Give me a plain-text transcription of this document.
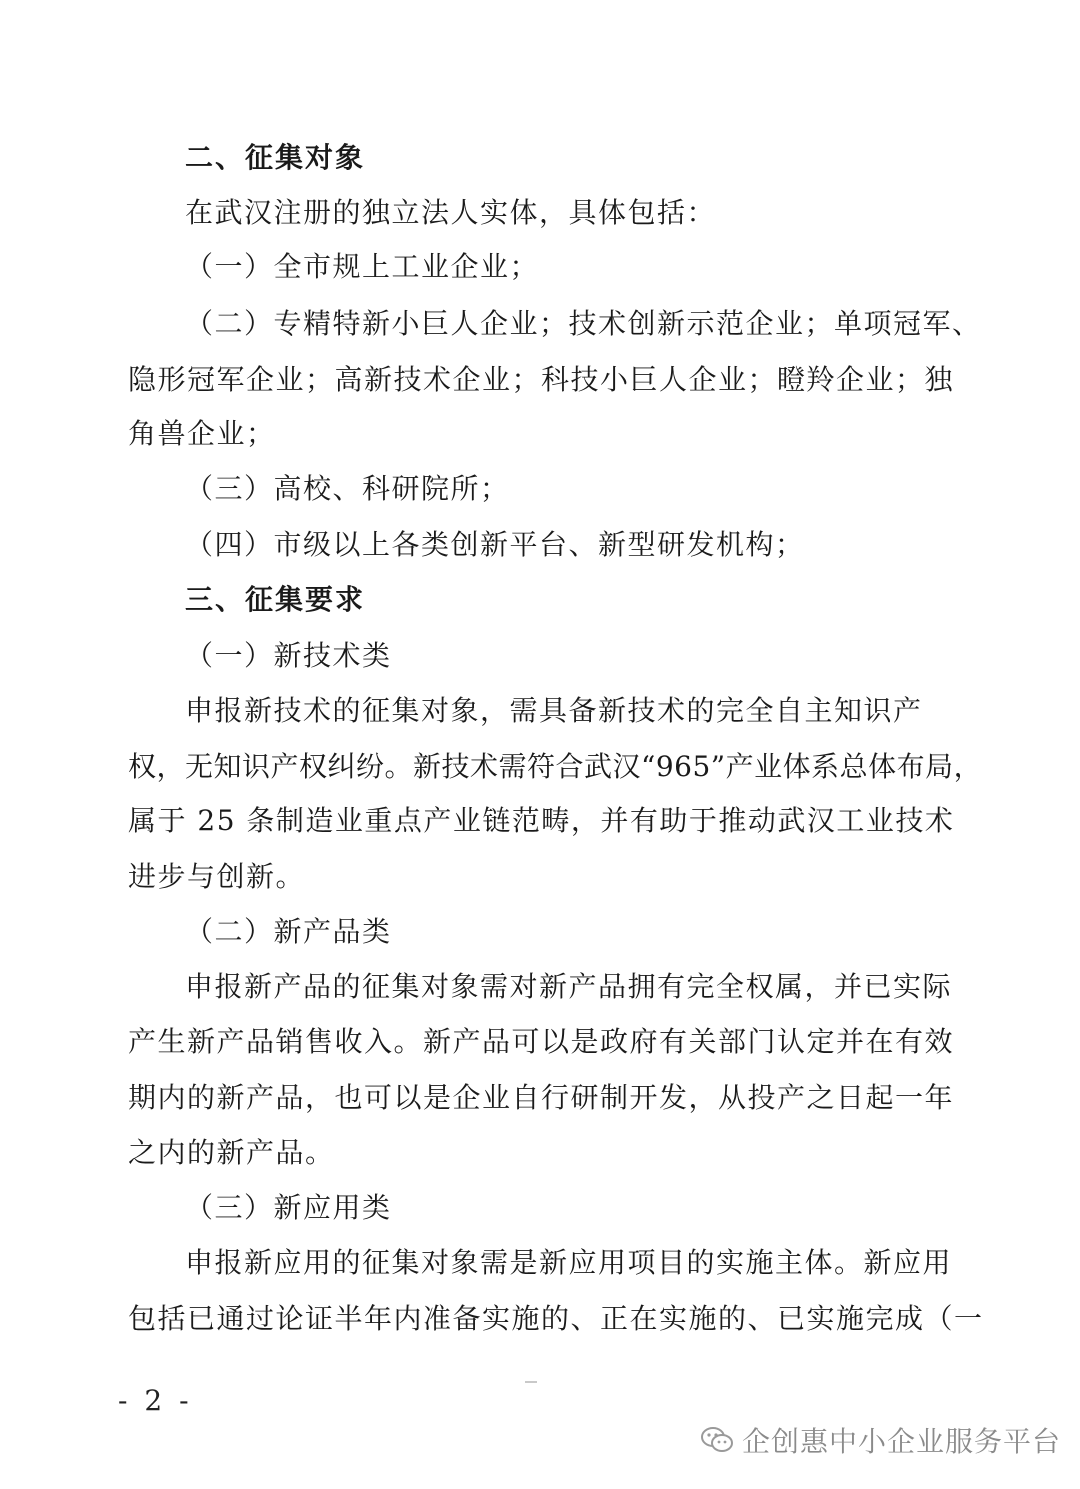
二、征集对象
在武汉注册的独立法人实体，具体包括：
（一）全市规上工业企业；
（二）专精特新小巨人企业；技术创新示范企业；单项冠军、
隐形冠军企业；高新技术企业；科技小巨人企业；瞪羚企业；独
角兽企业；
（三）高校、科研院所；
（四）市级以上各类创新平台、新型研发机构；
三、征集要求
（一）新技术类
申报新技术的征集对象，需具备新技术的完全自主知识产
权，无知识产权纠纷。新技术需符合武汉“965”产业体系总体布局，
属于 25 条制造业重点产业链范畴，并有助于推动武汉工业技术
进步与创新。
（二）新产品类
申报新产品的征集对象需对新产品拥有完全权属，并已实际
产生新产品销售收入。新产品可以是政府有关部门认定并在有效
期内的新产品，也可以是企业自行研制开发，从投产之日起一年
之内的新产品。
（三）新应用类
申报新应用的征集对象需是新应用项目的实施主体。新应用
包括已通过论证半年内准备实施的、正在实施的、已实施完成（一
- 2 -
企创惠中小企业服务平台
